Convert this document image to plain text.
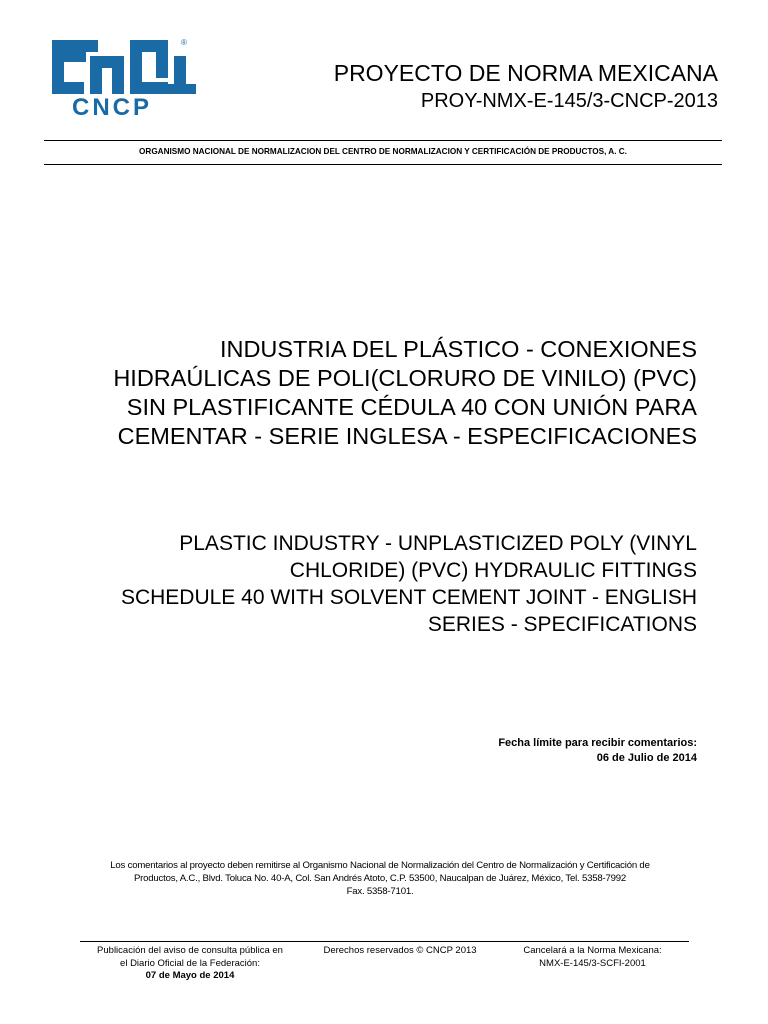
®
CNCP
PROYECTO DE NORMA MEXICANA
PROY-NMX-E-145/3-CNCP-2013
ORGANISMO NACIONAL DE NORMALIZACION DEL CENTRO DE NORMALIZACION Y CERTIFICACIÓN DE PRODUCTOS, A. C.
INDUSTRIA DEL PLÁSTICO - CONEXIONES
HIDRAÚLICAS DE POLI(CLORURO DE VINILO) (PVC)
SIN PLASTIFICANTE CÉDULA 40 CON UNIÓN PARA
CEMENTAR - SERIE INGLESA - ESPECIFICACIONES
PLASTIC INDUSTRY - UNPLASTICIZED POLY (VINYL
CHLORIDE) (PVC) HYDRAULIC FITTINGS
SCHEDULE 40 WITH SOLVENT CEMENT JOINT - ENGLISH
SERIES - SPECIFICATIONS
Fecha límite para recibir comentarios:
06 de Julio de 2014
Los comentarios al proyecto deben remitirse al Organismo Nacional de Normalización del Centro de Normalización y Certificación de
Productos, A.C., Blvd. Toluca No. 40-A, Col. San Andrés Atoto, C.P. 53500, Naucalpan de Juárez, México, Tel. 5358-7992
Fax. 5358-7101.
Publicación del aviso de consulta pública en
el Diario Oficial de la Federación:
07 de Mayo de 2014
Derechos reservados © CNCP 2013	Cancelará a la Norma Mexicana:
NMX-E-145/3-SCFI-2001
